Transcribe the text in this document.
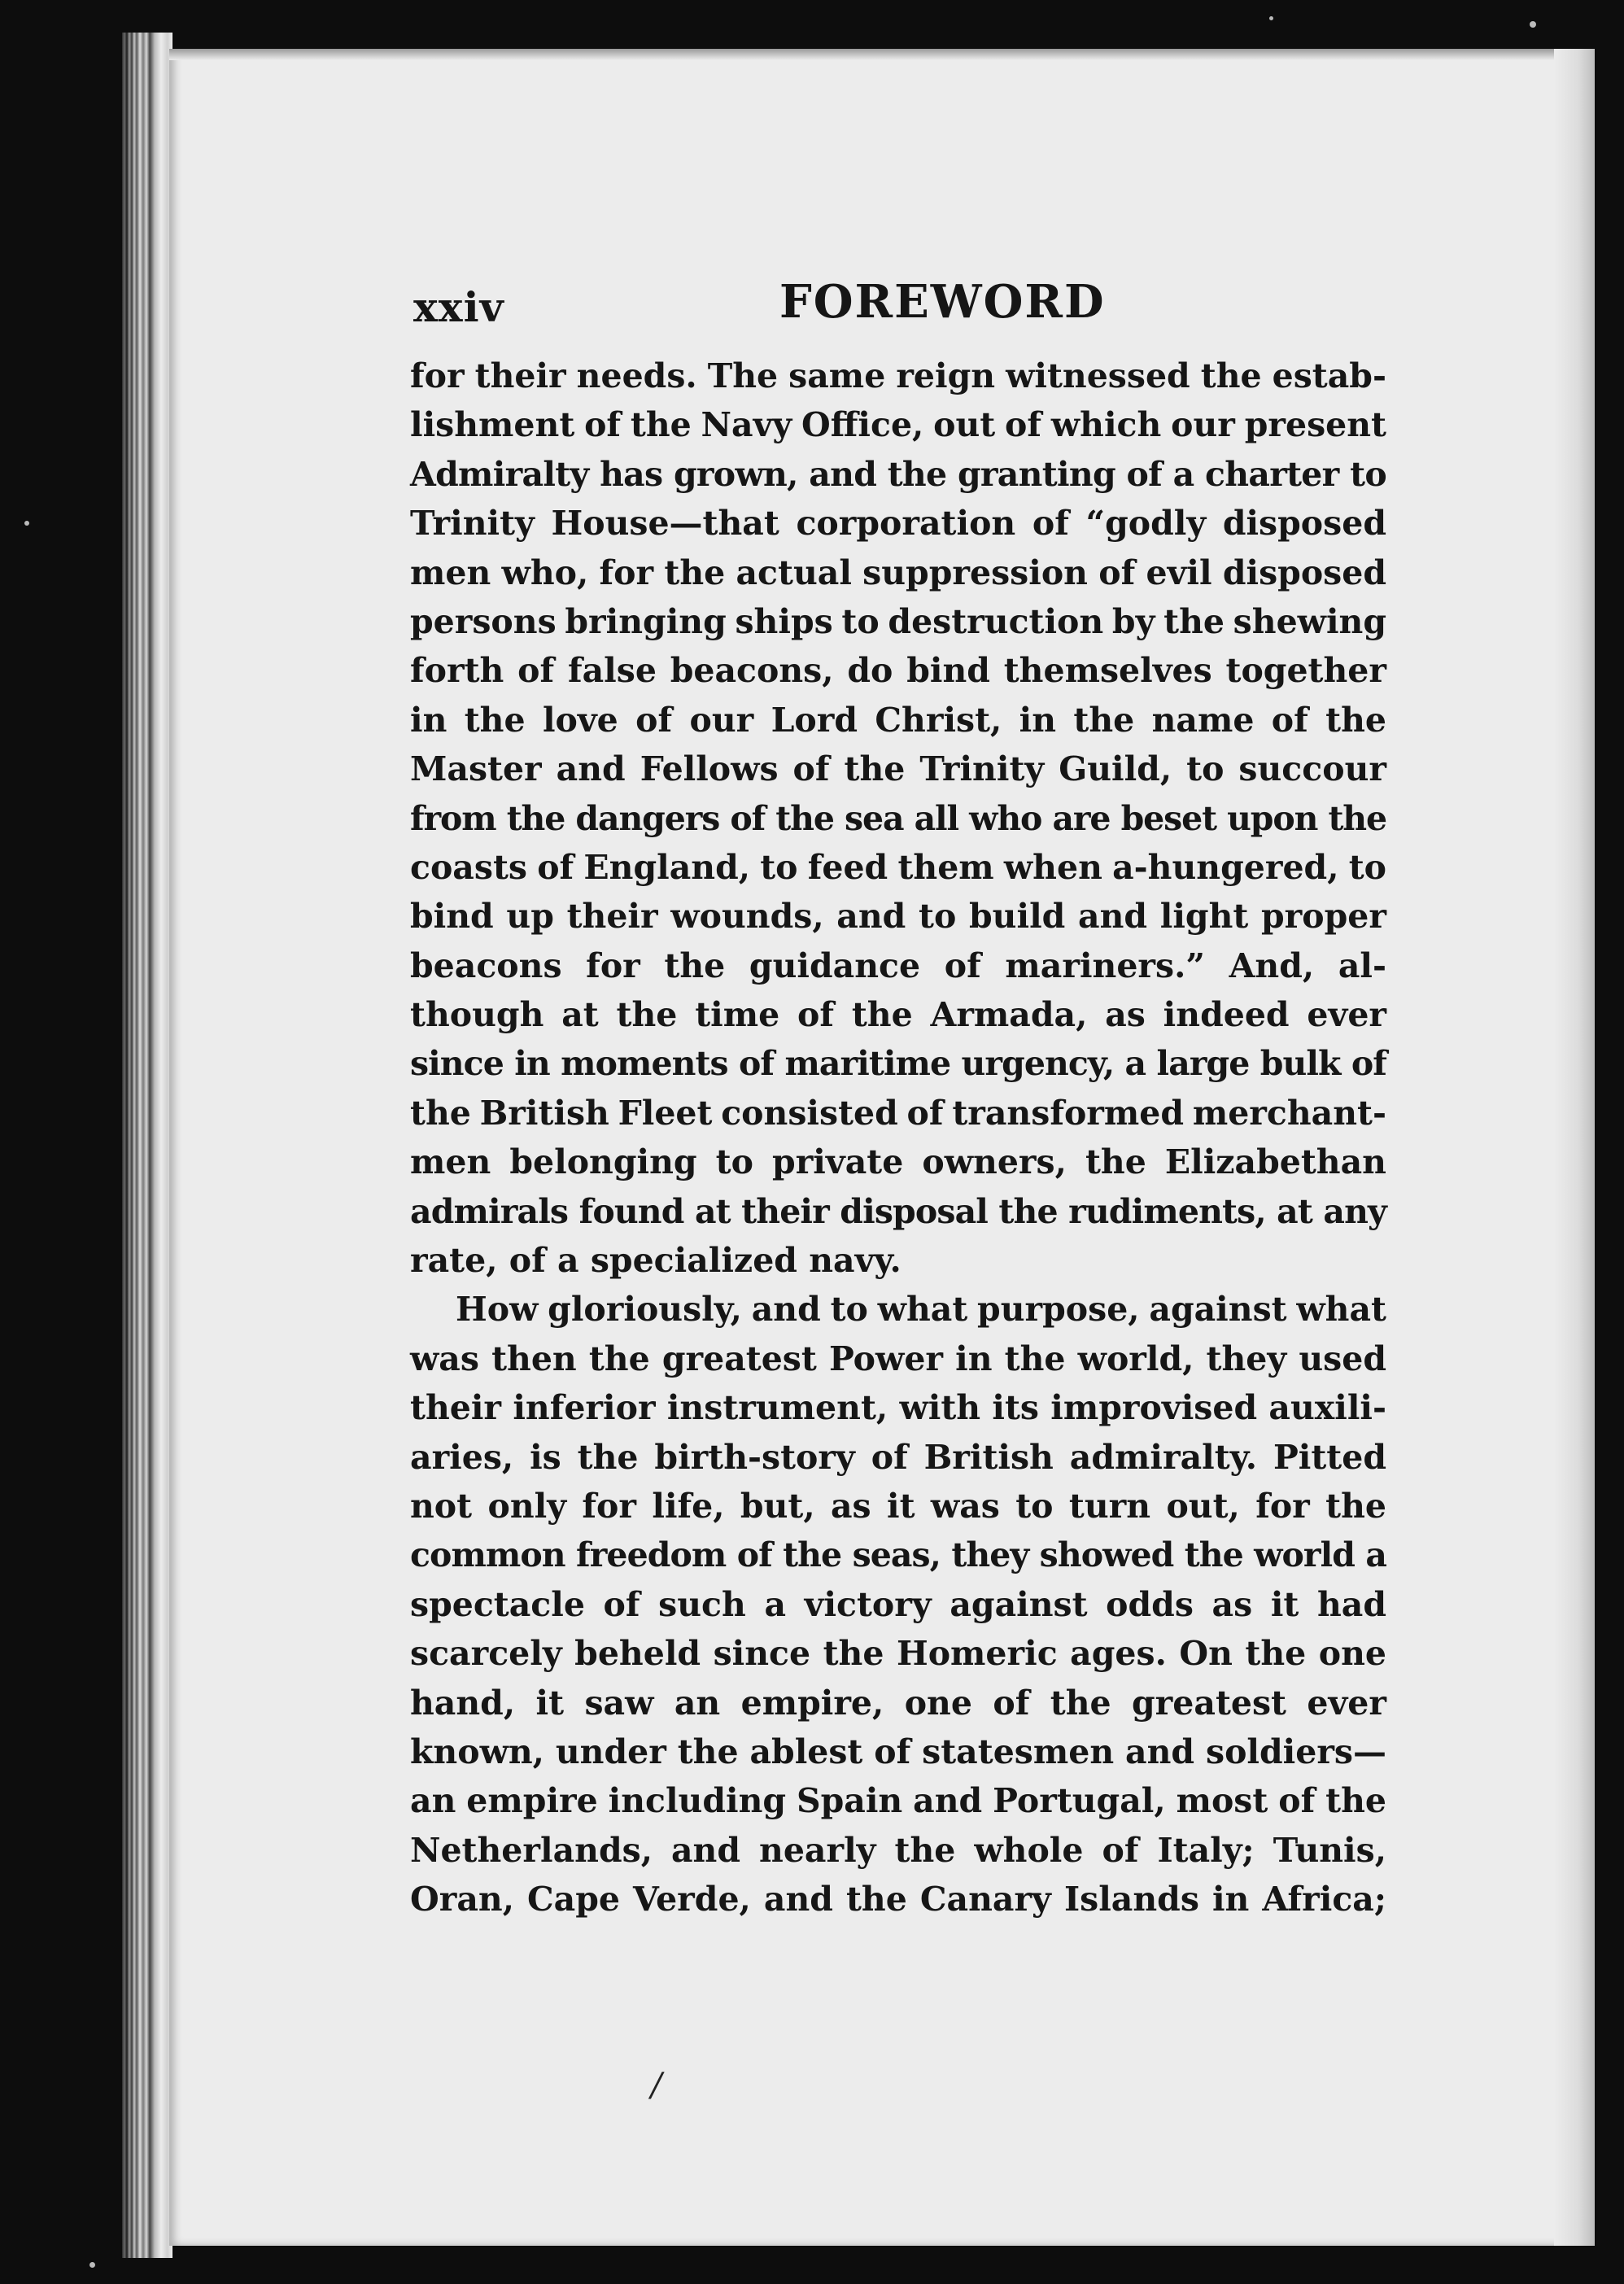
xxiv	FOREWORD
for their needs. The same reign witnessed the estab-
lishment of the Navy Office, out of which our present
Admiralty has grown, and the granting of a charter to
Trinity House—that corporation of “godly disposed
men who, for the actual suppression of evil disposed
persons bringing ships to destruction by the shewing
forth of false beacons, do bind themselves together
in the love of our Lord Christ, in the name of the
Master and Fellows of the Trinity Guild, to succour
from the dangers of the sea all who are beset upon the
coasts of England, to feed them when a-hungered, to
bind up their wounds, and to build and light proper
beacons for the guidance of mariners.” And, al-
though at the time of the Armada, as indeed ever
since in moments of maritime urgency, a large bulk of
the British Fleet consisted of transformed merchant-
men belonging to private owners, the Elizabethan
admirals found at their disposal the rudiments, at any
rate, of a specialized navy.
How gloriously, and to what purpose, against what
was then the greatest Power in the world, they used
their inferior instrument, with its improvised auxili-
aries, is the birth-story of British admiralty. Pitted
not only for life, but, as it was to turn out, for the
common freedom of the seas, they showed the world a
spectacle of such a victory against odds as it had
scarcely beheld since the Homeric ages. On the one
hand, it saw an empire, one of the greatest ever
known, under the ablest of statesmen and soldiers—
an empire including Spain and Portugal, most of the
Netherlands, and nearly the whole of Italy; Tunis,
Oran, Cape Verde, and the Canary Islands in Africa;
/
